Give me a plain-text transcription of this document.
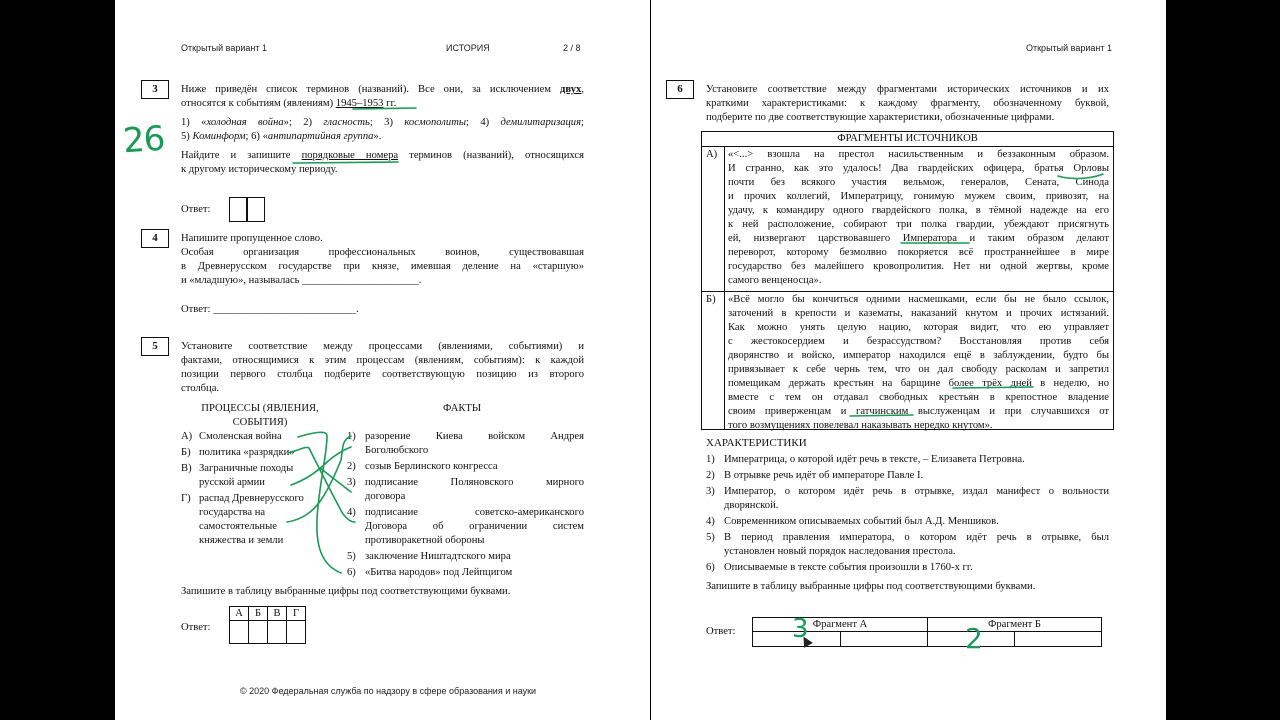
Открытый вариант 1	ИСТОРИЯ	2 / 8
3	Ниже приведён список терминов (названий). Все они, за исключением двух,
относятся к событиям (явлениям) 1945–1953 гг.
1) «холодная война»; 2) гласность; 3) космополиты; 4) демилитаризация;
5) Коминформ; 6) «антипартийная группа».
Найдите и запишите порядковые номера терминов (названий), относящихся
к другому историческому периоду.
Ответ:
4	Напишите пропущенное слово.
Особая организация профессиональных воинов, существовавшая
в Древнерусском государстве при князе, имевшая деление на «старшую»
и «младшую», называлась ______________________.
Ответ: ___________________________.
5	Установите соответствие между процессами (явлениями, событиями) и
фактами, относящимися к этим процессам (явлениям, событиям): к каждой
позиции первого столбца подберите соответствующую позицию из второго
столбца.
ПРОЦЕССЫ (ЯВЛЕНИЯ,
СОБЫТИЯ)
ФАКТЫ
А) Смоленская война
Б) политика «разрядки»
В) Заграничные походы
русской армии
Г) распад Древнерусского
государства на
самостоятельные
княжества и земли
1) разорение Киева войском Андрея
Боголюбского
2) созыв Берлинского конгресса
3) подписание Поляновского мирного
договора
4) подписание советско-американского
Договора об ограничении систем
противоракетной обороны
5) заключение Ништадтского мира
6) «Битва народов» под Лейпцигом
Запишите в таблицу выбранные цифры под соответствующими буквами.
Ответ:
А	Б	В	Г

© 2020 Федеральная служба по надзору в сфере образования и науки
26
Открытый вариант 1
6	Установите соответствие между фрагментами исторических источников и их
краткими характеристиками: к каждому фрагменту, обозначенному буквой,
подберите по две соответствующие характеристики, обозначенные цифрами.
ФРАГМЕНТЫ ИСТОЧНИКОВ
А) «<...> взошла на престол насильственным и беззаконным образом.
И странно, как это удалось! Два гвардейских офицера, братья Орловы
почти без всякого участия вельмож, генералов, Сената, Синода
и прочих коллегий, Императрицу, гонимую мужем своим, привозят, на
удачу, к командиру одного гвардейского полка, в тёмной надежде на его
к ней расположение, собирают три полка гвардии, убеждают присягнуть
ей, низвергают царствовавшего Императора и таким образом делают
переворот, которому безмолвно покоряется всё пространнейшее в мире
государство без малейшего кровопролития. Нет ни одной жертвы, кроме
самого венценосца».
Б) «Всё могло бы кончиться одними насмешками, если бы не было ссылок,
заточений в крепости и казематы, наказаний кнутом и прочих истязаний.
Как можно унять целую нацию, которая видит, что ею управляет
с жестокосердием и безрассудством? Восстановляя против себя
дворянство и войско, император находился ещё в заблуждении, будто бы
привязывает к себе чернь тем, что он дал свободу расколам и запретил
помещикам держать крестьян на барщине более трёх дней в неделю, но
вместе с тем он отдавал свободных крестьян в крепостное владение
своим приверженцам и гатчинским выслуженцам и при случавшихся от
того возмущениях повелевал наказывать нередко кнутом».
ХАРАКТЕРИСТИКИ
1) Императрица, о которой идёт речь в тексте, – Елизавета Петровна.
2) В отрывке речь идёт об императоре Павле I.
3) Император, о котором идёт речь в отрывке, издал манифест о вольности
дворянской.
4) Современником описываемых событий был А.Д. Меншиков.
5) В период правления императора, о котором идёт речь в отрывке, был
установлен новый порядок наследования престола.
6) Описываемые в тексте события произошли в 1760-х гг.
Запишите в таблицу выбранные цифры под соответствующими буквами.
Ответ:
Фрагмент А	Фрагмент Б
3	2
